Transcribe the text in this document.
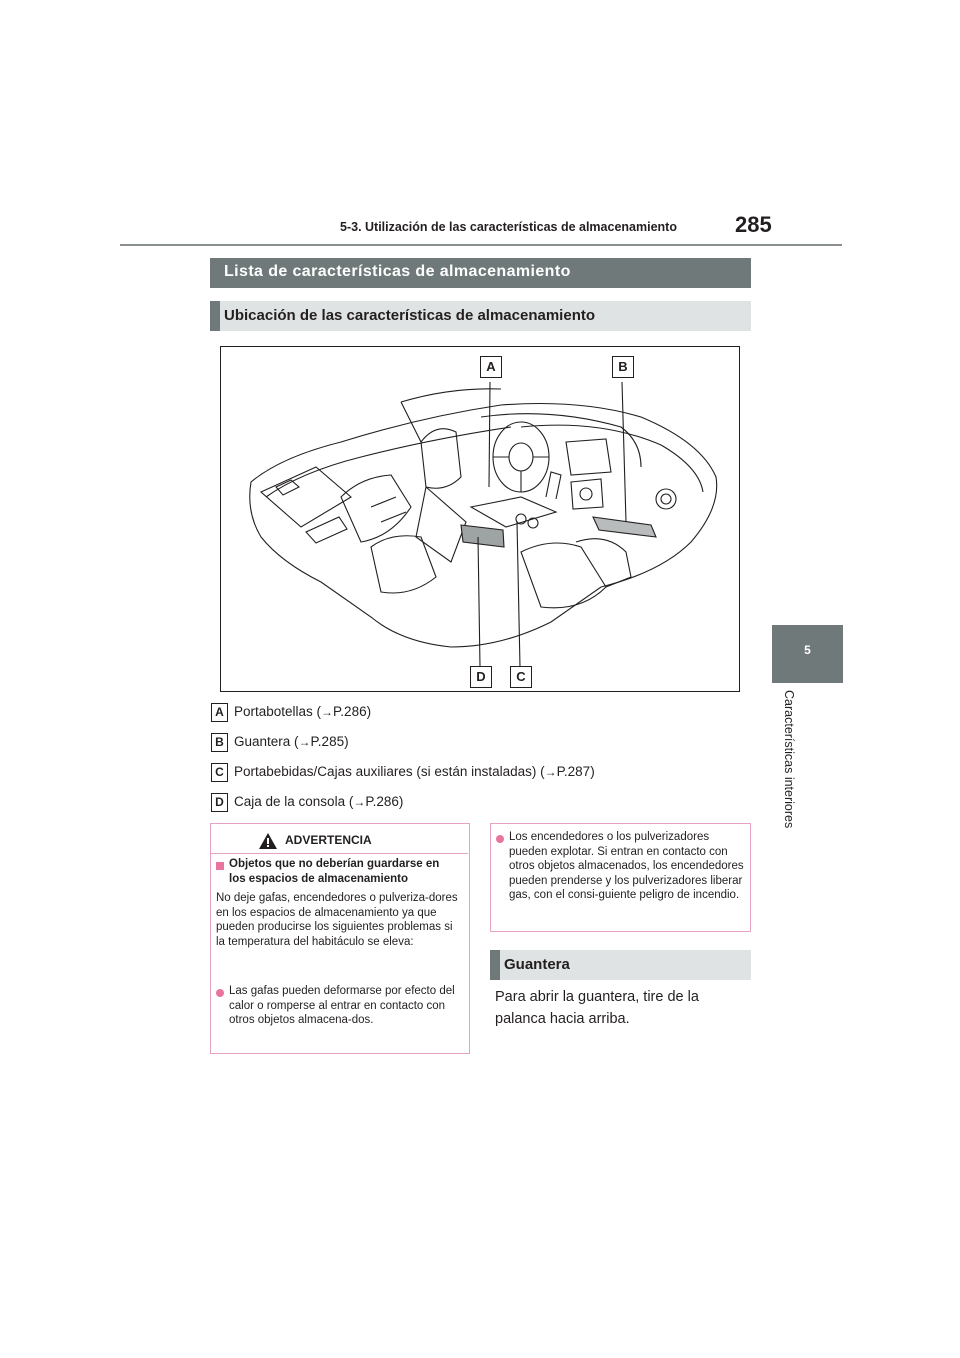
5-3. Utilización de las características de almacenamiento	285
5
Características interiores
Lista de características de almacenamiento
Ubicación de las características de almacenamiento
A	B
D	C
A Portabotellas (→P.286)
B Guantera (→P.285)
C Portabebidas/Cajas auxiliares (si están instaladas) (→P.287)
D Caja de la consola (→P.286)
ADVERTENCIA
Objetos que no deberían guardarse en los espacios de almacenamiento
No deje gafas, encendedores o pulveriza-dores en los espacios de almacenamiento ya que pueden producirse los siguientes problemas si la temperatura del habitáculo se eleva:
Las gafas pueden deformarse por efecto del calor o romperse al entrar en contacto con otros objetos almacena-dos.
Los encendedores o los pulverizadores pueden explotar. Si entran en contacto con otros objetos almacenados, los encendedores pueden prenderse y los pulverizadores liberar gas, con el consi-guiente peligro de incendio.
Guantera
Para abrir la guantera, tire de la palanca hacia arriba.
